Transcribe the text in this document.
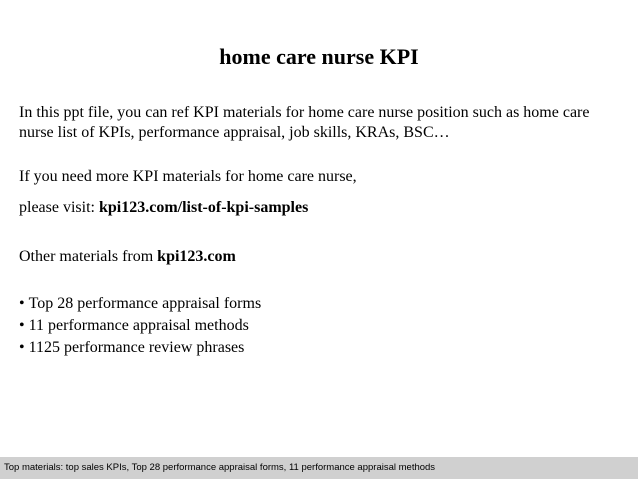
home care nurse KPI
In this ppt file, you can ref KPI materials for home care nurse position such as home care nurse list of KPIs, performance appraisal, job skills, KRAs, BSC…
If you need more KPI materials for home care nurse,
please visit: kpi123.com/list-of-kpi-samples
Other materials from kpi123.com
• Top 28 performance appraisal forms
• 11 performance appraisal methods
• 1125 performance review phrases
Top materials: top sales KPIs, Top 28 performance appraisal forms, 11 performance appraisal methods
